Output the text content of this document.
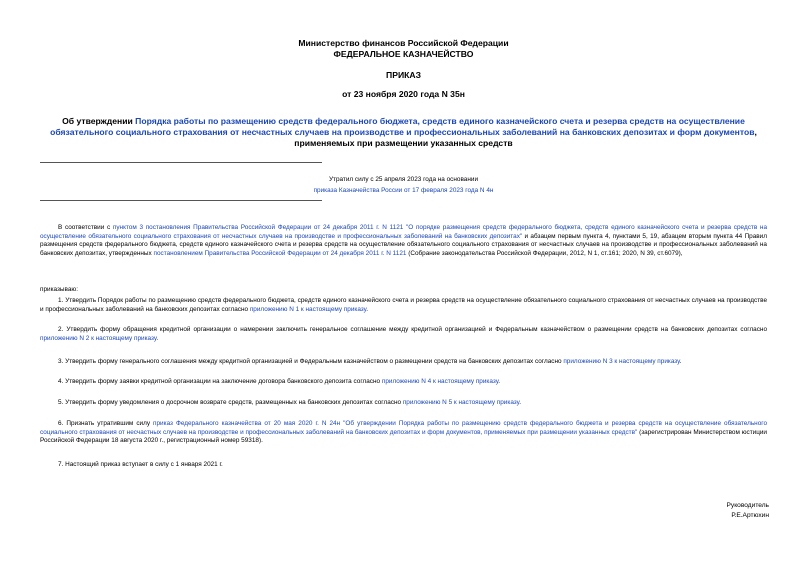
Министерство финансов Российской Федерации
ФЕДЕРАЛЬНОЕ КАЗНАЧЕЙСТВО
ПРИКАЗ
от 23 ноября 2020 года N 35н
Об утверждении Порядка работы по размещению средств федерального бюджета, средств единого казначейского счета и резерва средств на осуществление обязательного социального страхования от несчастных случаев на производстве и профессиональных заболеваний на банковских депозитах и форм документов, применяемых при размещении указанных средств
Утратил силу с 25 апреля 2023 года на основании
приказа Казначейства России от 17 февраля 2023 года N 4н
В соответствии с пунктом 3 постановления Правительства Российской Федерации от 24 декабря 2011 г. N 1121 "О порядке размещения средств федерального бюджета, средств единого казначейского счета и резерва средств на осуществление обязательного социального страхования от несчастных случаев на производстве и профессиональных заболеваний на банковских депозитах" и абзацем первым пункта 4, пунктами 5, 19, абзацем вторым пункта 44 Правил размещения средств федерального бюджета, средств единого казначейского счета и резерва средств на осуществление обязательного социального страхования от несчастных случаев на производстве и профессиональных заболеваний на банковских депозитах, утвержденных постановлением Правительства Российской Федерации от 24 декабря 2011 г. N 1121 (Собрание законодательства Российской Федерации, 2012, N 1, ст.161; 2020, N 39, ст.6079),
приказываю:
1. Утвердить Порядок работы по размещению средств федерального бюджета, средств единого казначейского счета и резерва средств на осуществление обязательного социального страхования от несчастных случаев на производстве и профессиональных заболеваний на банковских депозитах согласно приложению N 1 к настоящему приказу.
2. Утвердить форму обращения кредитной организации о намерении заключить генеральное соглашение между кредитной организацией и Федеральным казначейством о размещении средств на банковских депозитах согласно приложению N 2 к настоящему приказу.
3. Утвердить форму генерального соглашения между кредитной организацией и Федеральным казначейством о размещении средств на банковских депозитах согласно приложению N 3 к настоящему приказу.
4. Утвердить форму заявки кредитной организации на заключение договора банковского депозита согласно приложению N 4 к настоящему приказу.
5. Утвердить форму уведомления о досрочном возврате средств, размещенных на банковских депозитах согласно приложению N 5 к настоящему приказу.
6. Признать утратившим силу приказ Федерального казначейства от 20 мая 2020 г. N 24н "Об утверждении Порядка работы по размещению средств федерального бюджета и резерва средств на осуществление обязательного социального страхования от несчастных случаев на производстве и профессиональных заболеваний на банковских депозитах и форм документов, применяемых при размещении указанных средств" (зарегистрирован Министерством юстиции Российской Федерации 18 августа 2020 г., регистрационный номер 59318).
7. Настоящий приказ вступает в силу с 1 января 2021 г.
Руководитель
Р.Е.Артюхин
